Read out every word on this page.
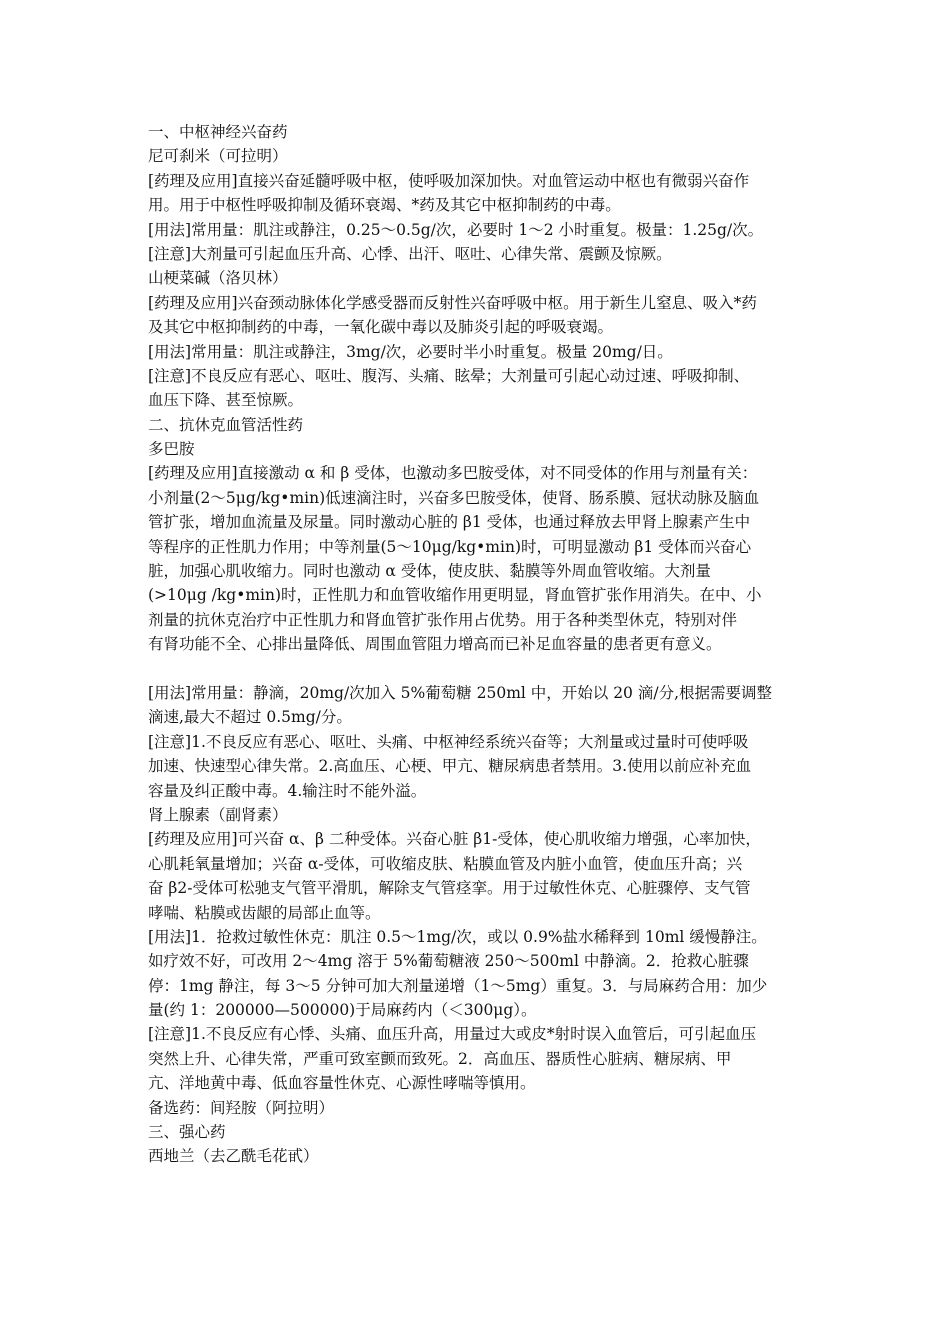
一、中枢神经兴奋药
尼可刹米（可拉明）
[药理及应用]直接兴奋延髓呼吸中枢，使呼吸加深加快。对血管运动中枢也有微弱兴奋作
用。用于中枢性呼吸抑制及循环衰竭、*药及其它中枢抑制药的中毒。
[用法]常用量：肌注或静注，0.25～0.5g/次，必要时 1～2 小时重复。极量：1.25g/次。
[注意]大剂量可引起血压升高、心悸、出汗、呕吐、心律失常、震颤及惊厥。
山梗菜碱（洛贝林）
[药理及应用]兴奋颈动脉体化学感受器而反射性兴奋呼吸中枢。用于新生儿窒息、吸入*药
及其它中枢抑制药的中毒，一氧化碳中毒以及肺炎引起的呼吸衰竭。
[用法]常用量：肌注或静注，3mg/次，必要时半小时重复。极量 20mg/日。
[注意]不良反应有恶心、呕吐、腹泻、头痛、眩晕；大剂量可引起心动过速、呼吸抑制、
血压下降、甚至惊厥。
二、抗休克血管活性药
多巴胺
[药理及应用]直接激动 α 和 β 受体，也激动多巴胺受体，对不同受体的作用与剂量有关：
小剂量(2～5μg/kg•min)低速滴注时，兴奋多巴胺受体，使肾、肠系膜、冠状动脉及脑血
管扩张，增加血流量及尿量。同时激动心脏的 β1 受体，也通过释放去甲肾上腺素产生中
等程序的正性肌力作用；中等剂量(5～10μg/kg•min)时，可明显激动 β1 受体而兴奋心
脏，加强心肌收缩力。同时也激动 α 受体，使皮肤、黏膜等外周血管收缩。大剂量
(>10μg /kg•min)时，正性肌力和血管收缩作用更明显，肾血管扩张作用消失。在中、小
剂量的抗休克治疗中正性肌力和肾血管扩张作用占优势。用于各种类型休克，特别对伴
有肾功能不全、心排出量降低、周围血管阻力增高而已补足血容量的患者更有意义。
[用法]常用量：静滴，20mg/次加入 5%葡萄糖 250ml 中，开始以 20 滴/分,根据需要调整
滴速,最大不超过 0.5mg/分。
[注意]1.不良反应有恶心、呕吐、头痛、中枢神经系统兴奋等；大剂量或过量时可使呼吸
加速、快速型心律失常。2.高血压、心梗、甲亢、糖尿病患者禁用。3.使用以前应补充血
容量及纠正酸中毒。4.输注时不能外溢。
肾上腺素（副肾素）
[药理及应用]可兴奋 α、β 二种受体。兴奋心脏 β1-受体，使心肌收缩力增强，心率加快，
心肌耗氧量增加；兴奋 α-受体，可收缩皮肤、粘膜血管及内脏小血管，使血压升高；兴
奋 β2-受体可松驰支气管平滑肌，解除支气管痉挛。用于过敏性休克、心脏骤停、支气管
哮喘、粘膜或齿龈的局部止血等。
[用法]1．抢救过敏性休克：肌注 0.5～1mg/次，或以 0.9%盐水稀释到 10ml 缓慢静注。
如疗效不好，可改用 2～4mg 溶于 5%葡萄糖液 250～500ml 中静滴。2．抢救心脏骤
停：1mg 静注，每 3～5 分钟可加大剂量递增（1～5mg）重复。3．与局麻药合用：加少
量(约 1：200000—500000)于局麻药内（＜300μg）。
[注意]1.不良反应有心悸、头痛、血压升高，用量过大或皮*射时误入血管后，可引起血压
突然上升、心律失常，严重可致室颤而致死。2．高血压、器质性心脏病、糖尿病、甲
亢、洋地黄中毒、低血容量性休克、心源性哮喘等慎用。
备选药：间羟胺（阿拉明）
三、强心药
西地兰（去乙酰毛花甙）
